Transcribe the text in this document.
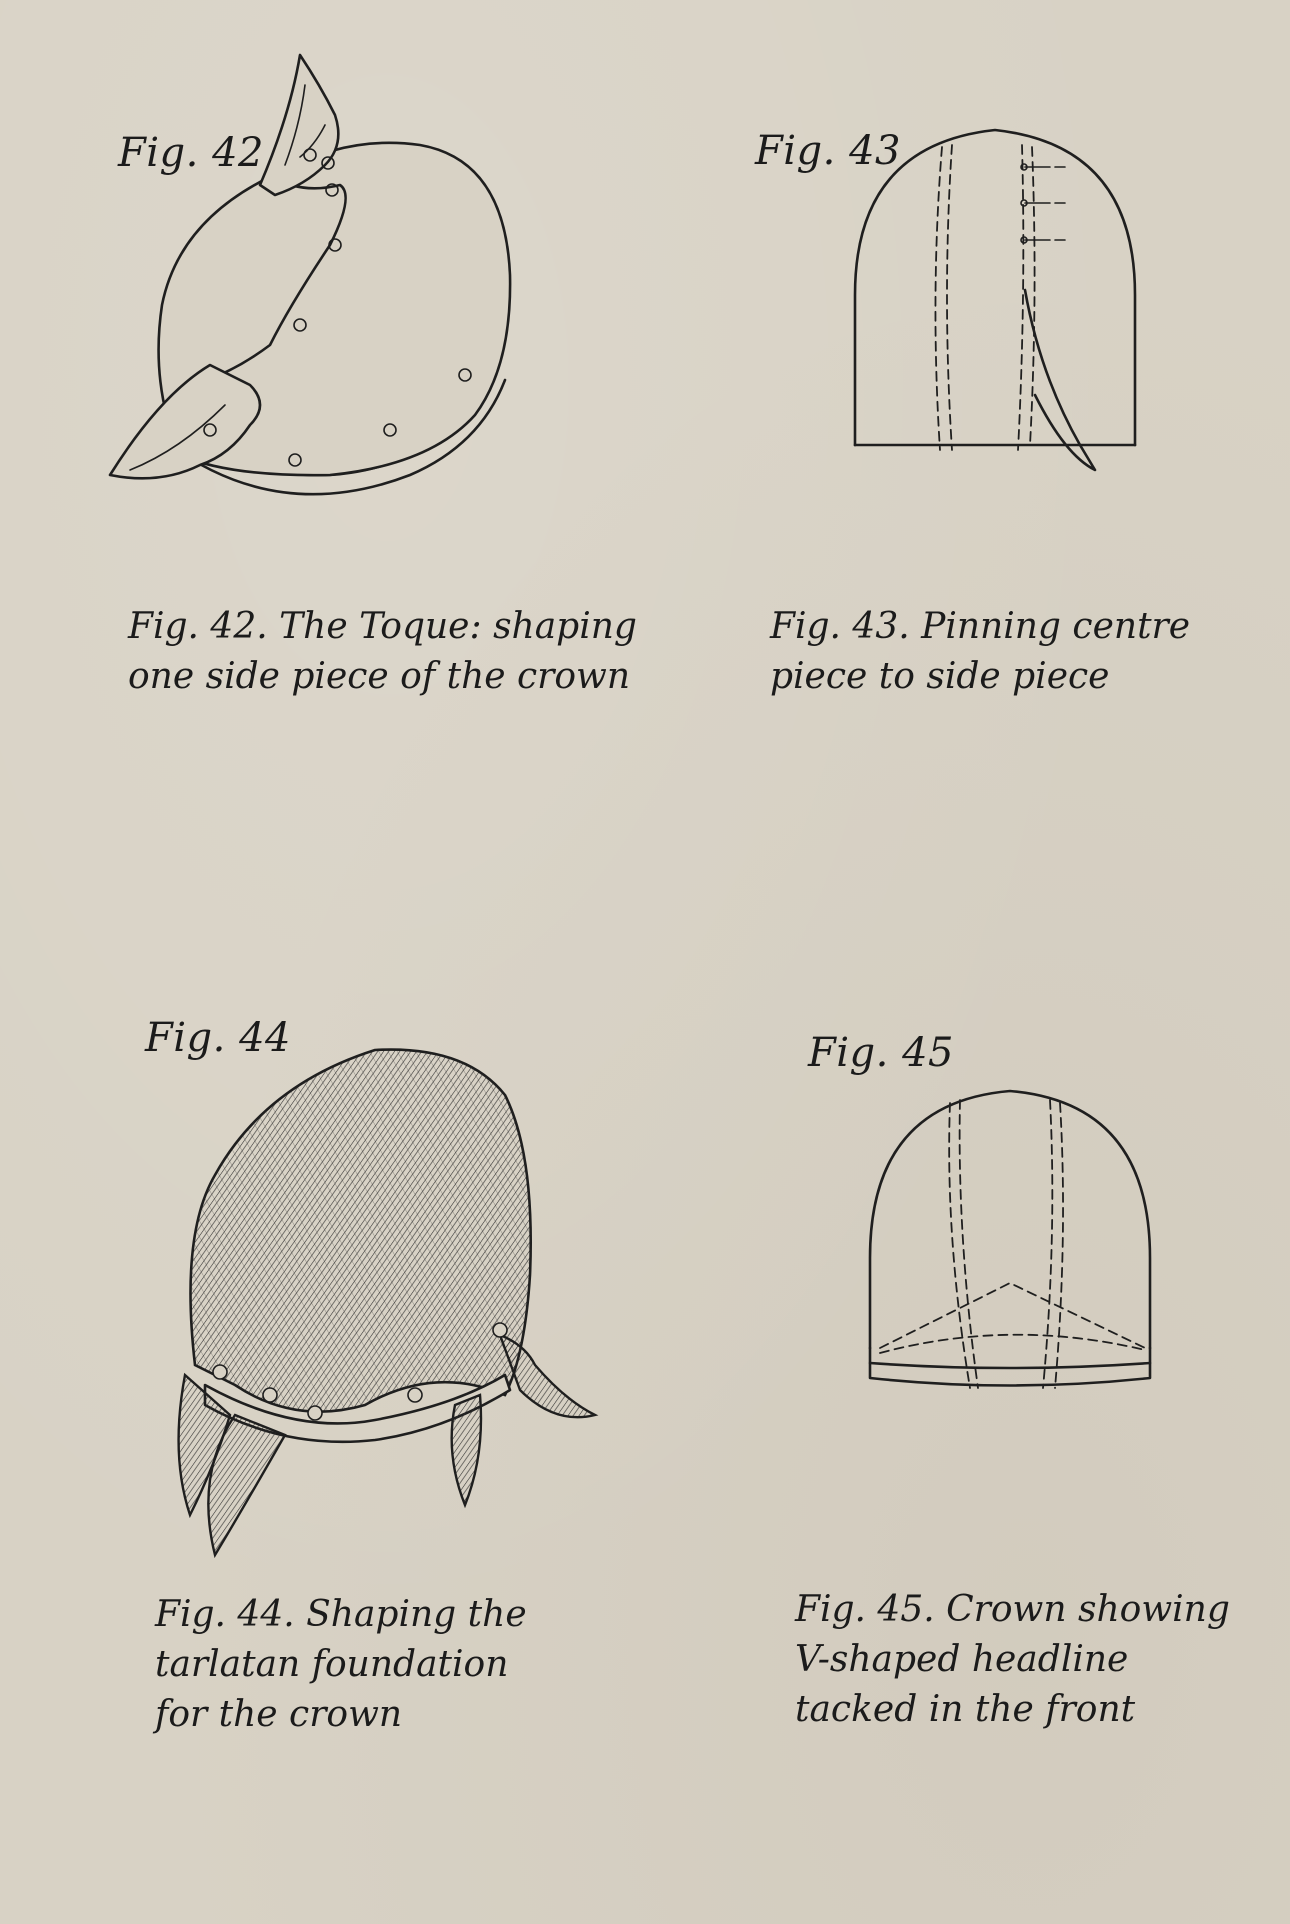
Fig. 42
Fig. 42. The Toque: shaping
one side piece of the crown
Fig. 43
Fig. 43. Pinning centre
piece to side piece
Fig. 44
Fig. 44. Shaping the
tarlatan foundation
for the crown
Fig. 45
Fig. 45. Crown showing
V-shaped headline
tacked in the front
